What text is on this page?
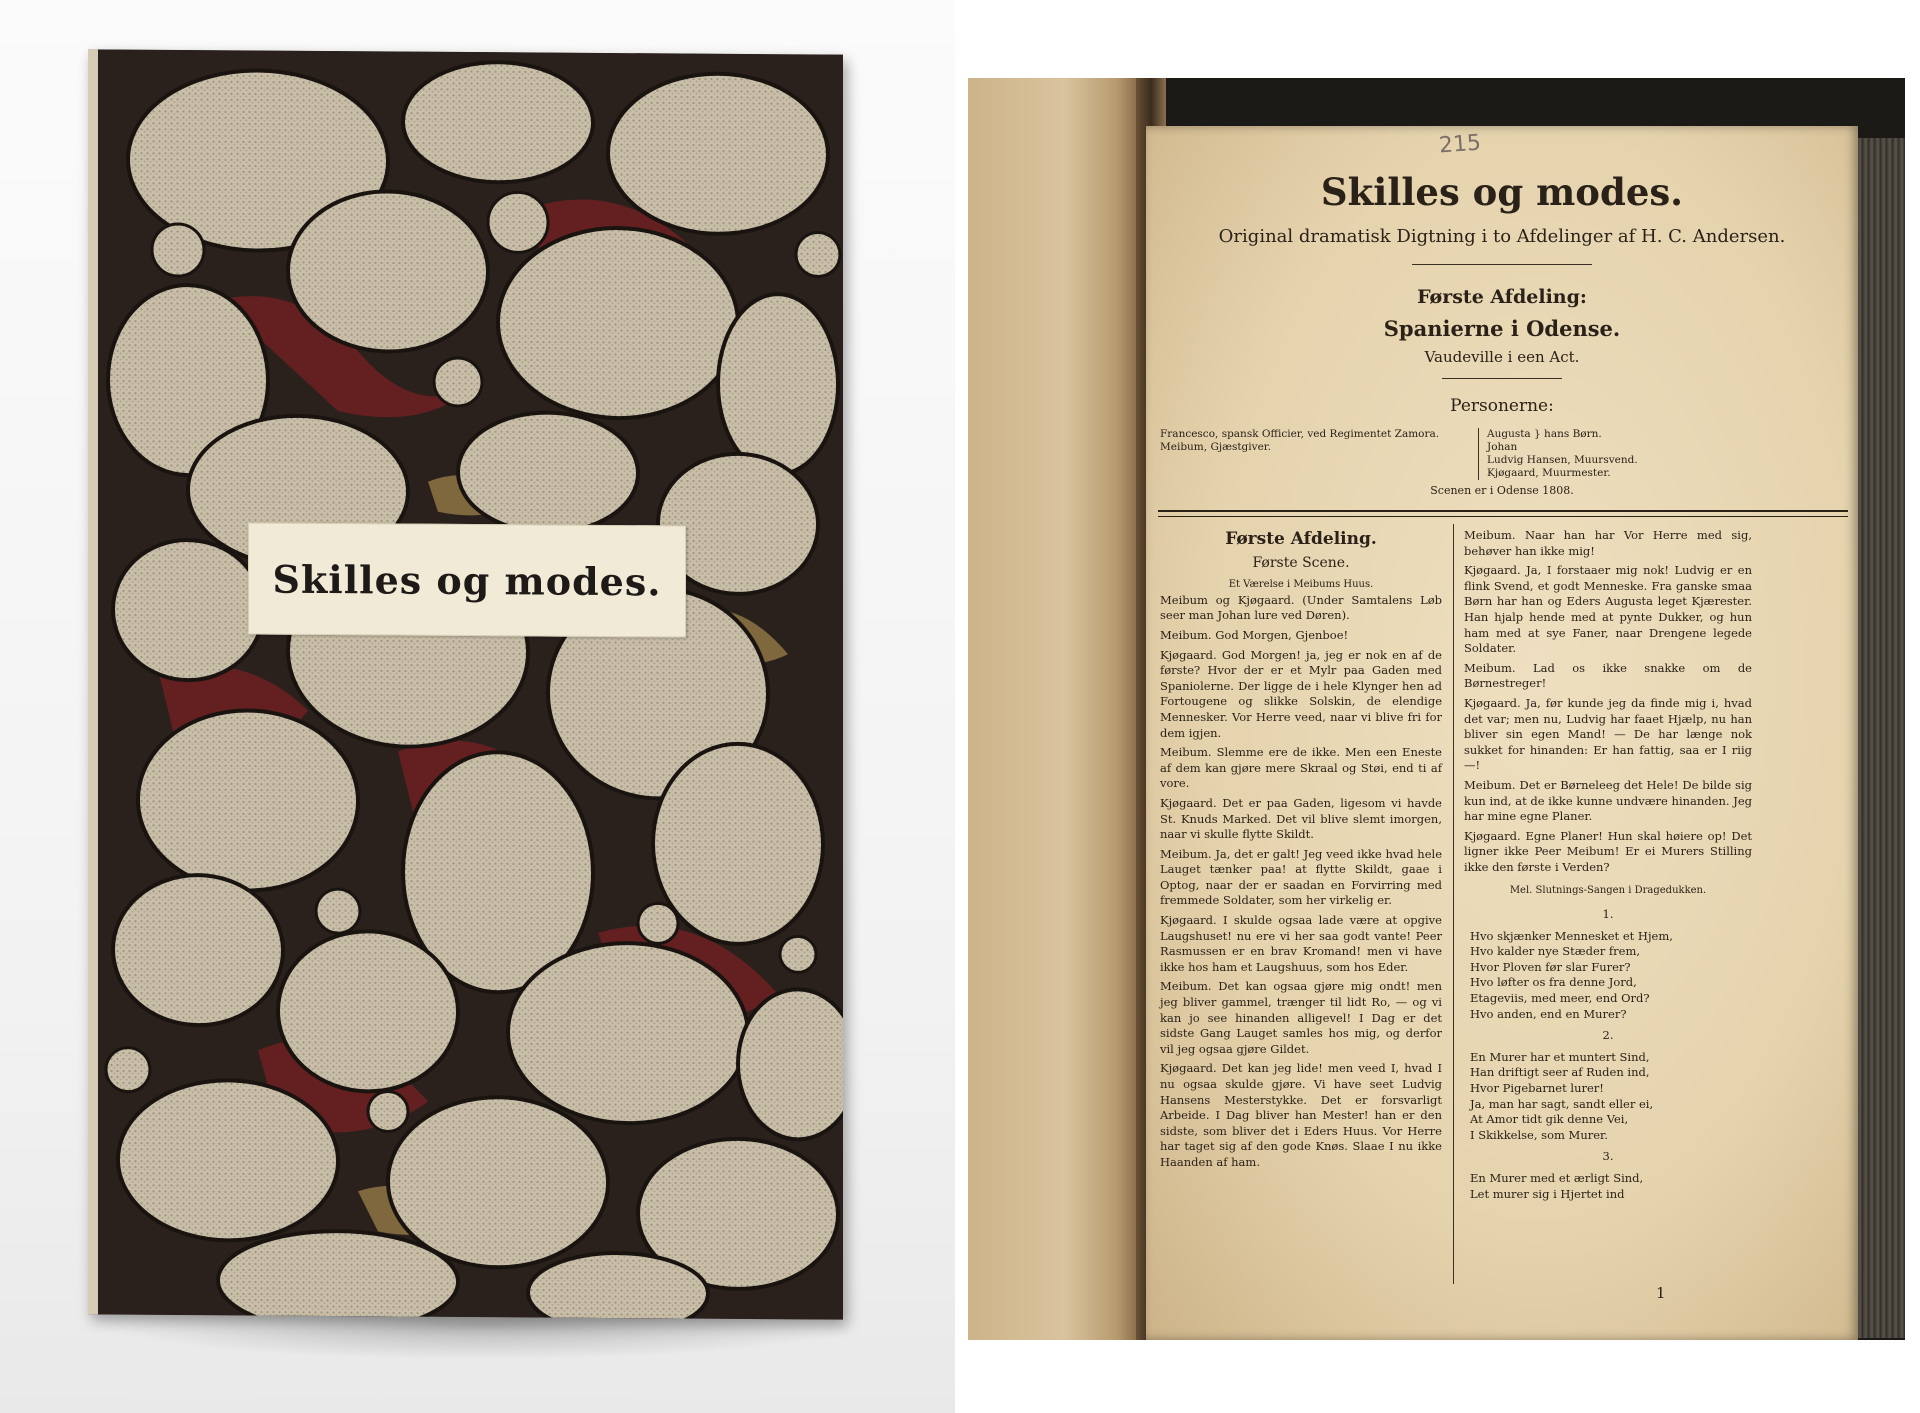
Skilles og modes.
215
Skilles og modes.
Original dramatisk Digtning i to Afdelinger af H. C. Andersen.
Første Afdeling:
Spanierne i Odense.
Vaudeville i een Act.
Personerne:
Francesco, spansk Officier, ved Regimentet Zamora.
Meibum, Gjæstgiver.
Augusta } hans Børn.
Johan
Ludvig Hansen, Muursvend.
Kjøgaard, Muurmester.
Scenen er i Odense 1808.
Første Afdeling.
Første Scene.
Et Værelse i Meibums Huus.

Meibum og Kjøgaard. (Under Samtalens Løb seer man Johan lure ved Døren).

Meibum. God Morgen, Gjenboe!

Kjøgaard. God Morgen! ja, jeg er nok en af de første? Hvor der er et Mylr paa Gaden med Spaniolerne. Der ligge de i hele Klynger hen ad Fortougene og slikke Solskin, de elendige Mennesker. Vor Herre veed, naar vi blive fri for dem igjen.

Meibum. Slemme ere de ikke. Men een Eneste af dem kan gjøre mere Skraal og Støi, end ti af vore.

Kjøgaard. Det er paa Gaden, ligesom vi havde St. Knuds Marked. Det vil blive slemt imorgen, naar vi skulle flytte Skildt.

Meibum. Ja, det er galt! Jeg veed ikke hvad hele Lauget tænker paa! at flytte Skildt, gaae i Optog, naar der er saadan en Forvirring med fremmede Soldater, som her virkelig er.

Kjøgaard. I skulde ogsaa lade være at opgive Laugshuset! nu ere vi her saa godt vante! Peer Rasmussen er en brav Kromand! men vi have ikke hos ham et Laugshuus, som hos Eder.

Meibum. Det kan ogsaa gjøre mig ondt! men jeg bliver gammel, trænger til lidt Ro, — og vi kan jo see hinanden alligevel! I Dag er det sidste Gang Lauget samles hos mig, og derfor vil jeg ogsaa gjøre Gildet.

Kjøgaard. Det kan jeg lide! men veed I, hvad I nu ogsaa skulde gjøre. Vi have seet Ludvig Hansens Mesterstykke. Det er forsvarligt Arbeide. I Dag bliver han Mester! han er den sidste, som bliver det i Eders Huus. Vor Herre har taget sig af den gode Knøs. Slaae I nu ikke Haanden af ham.

Meibum. Naar han har Vor Herre med sig, behøver han ikke mig!

Kjøgaard. Ja, I forstaaer mig nok! Ludvig er en flink Svend, et godt Menneske. Fra ganske smaa Børn har han og Eders Augusta leget Kjærester. Han hjalp hende med at pynte Dukker, og hun ham med at sye Faner, naar Drengene legede Soldater.

Meibum. Lad os ikke snakke om de Børnestreger!

Kjøgaard. Ja, før kunde jeg da finde mig i, hvad det var; men nu, Ludvig har faaet Hjælp, nu han bliver sin egen Mand! — De har længe nok sukket for hinanden: Er han fattig, saa er I riig —!

Meibum. Det er Børneleeg det Hele! De bilde sig kun ind, at de ikke kunne undvære hinanden. Jeg har mine egne Planer.

Kjøgaard. Egne Planer! Hun skal høiere op! Det ligner ikke Peer Meibum! Er ei Murers Stilling ikke den første i Verden?

Mel. Slutnings-Sangen i Dragedukken.
1.
Hvo skjænker Mennesket et Hjem,
Hvo kalder nye Stæder frem,
Hvor Ploven før slar Furer?
Hvo løfter os fra denne Jord,
Etageviis, med meer, end Ord?
Hvo anden, end en Murer?
2.
En Murer har et muntert Sind,
Han driftigt seer af Ruden ind,
Hvor Pigebarnet lurer!
Ja, man har sagt, sandt eller ei,
At Amor tidt gik denne Vei,
I Skikkelse, som Murer.
3.
En Murer med et ærligt Sind,
Let murer sig i Hjertet ind
1
